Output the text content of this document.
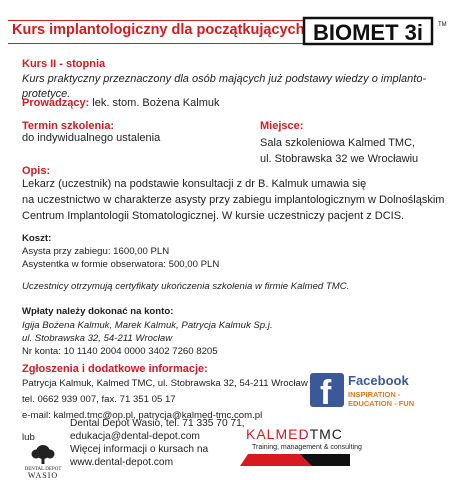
Kurs implantologiczny dla początkujących BIOMET 3i TM
Kurs II - stopnia
Kurs praktyczny przeznaczony dla osób mających już podstawy wiedzy o implanto-protetyce.
Prowadzący: lek. stom. Bożena Kalmuk
Termin szkolenia:
do indywidualnego ustalenia
Miejsce:
Sala szkoleniowa Kalmed TMC,
ul. Stobrawska 32 we Wrocławiu
Opis:
Lekarz (uczestnik) na podstawie konsultacji z dr B. Kalmuk umawia się
na uczestnictwo w charakterze asysty przy zabiegu implantologicznym w Dolnośląskim
Centrum Implantologii Stomatologicznej. W kursie uczestniczy pacjent z DCIS.
Koszt:
Asysta przy zabiegu: 1600,00 PLN
Asystentka w formie obserwatora: 500,00 PLN
Uczestnicy otrzymują certyfikaty ukończenia szkolenia w firmie Kalmed TMC.
Wpłaty należy dokonać na konto:
Igija Bożena Kalmuk, Marek Kalmuk, Patrycja Kalmuk Sp.j.
ul. Stobrawska 32, 54-211 Wrocław
Nr konta: 10 1140 2004 0000 3402 7260 8205
Zgłoszenia i dodatkowe informacje:
Patrycja Kalmuk, Kalmed TMC, ul. Stobrawska 32, 54-211 Wrocław
tel. 0662 939 007, fax. 71 351 05 17
e-mail: kalmed.tmc@op.pl, patrycja@kalmed-tmc.com.pl
lub
f Facebook
INSPIRATION -
EDUCATION - FUN
DENTAL DEPOT
WASIO
Dental Depot Wasio, tel. 71 335 70 71,
edukacja@dental-depot.com
Więcej informacji o kursach na
www.dental-depot.com
KALMEDTMC
Training, management & consulting
